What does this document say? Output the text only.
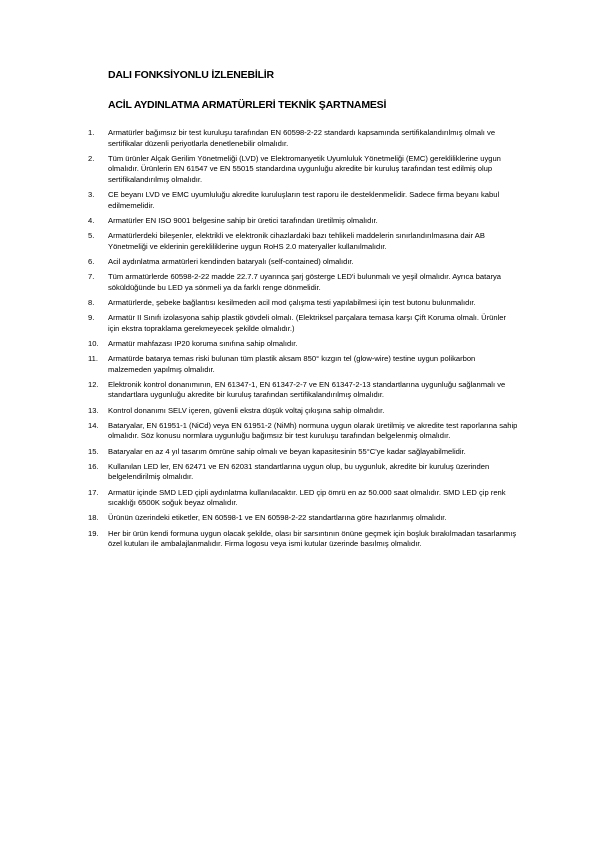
DALI FONKSİYONLU İZLENEBİLİR
ACİL AYDINLATMA ARMATÜRLERİ TEKNİK ŞARTNAMESİ
1.	Armatürler bağımsız bir test kuruluşu tarafından EN 60598-2-22 standardı kapsamında sertifikalandırılmış olmalı ve sertifikalar düzenli periyotlarla denetlenebilir olmalıdır.
2.	Tüm ürünler Alçak Gerilim Yönetmeliği (LVD) ve Elektromanyetik Uyumluluk Yönetmeliği (EMC) gerekliliklerine uygun olmalıdır. Ürünlerin EN 61547 ve EN 55015 standardına uygunluğu akredite bir kuruluş tarafından test edilmiş olup sertifikalandırılmış olmalıdır.
3.	CE beyanı LVD ve EMC uyumluluğu akredite kuruluşların test raporu ile desteklenmelidir. Sadece firma beyanı kabul edilmemelidir.
4.	Armatürler EN ISO 9001 belgesine sahip bir üretici tarafından üretilmiş olmalıdır.
5.	Armatürlerdeki bileşenler, elektrikli ve elektronik cihazlardaki bazı tehlikeli maddelerin sınırlandırılmasına dair AB Yönetmeliği ve eklerinin gerekliliklerine uygun RoHS 2.0 materyaller kullanılmalıdır.
6.	Acil aydınlatma armatürleri kendinden bataryalı (self-contained) olmalıdır.
7.	Tüm armatürlerde 60598-2-22 madde 22.7.7 uyarınca şarj gösterge LED'i bulunmalı ve yeşil olmalıdır. Ayrıca batarya söküldüğünde bu LED ya sönmeli ya da farklı renge dönmelidir.
8.	Armatürlerde, şebeke bağlantısı kesilmeden acil mod çalışma testi yapılabilmesi için test butonu bulunmalıdır.
9.	Armatür II Sınıfı izolasyona sahip plastik gövdeli olmalı. (Elektriksel parçalara temasa karşı Çift Koruma olmalı. Ürünler için ekstra topraklama gerekmeyecek şekilde olmalıdır.)
10.	Armatür mahfazası IP20 koruma sınıfına sahip olmalıdır.
11.	Armatürde batarya temas riski bulunan tüm plastik aksam 850° kızgın tel (glow-wire) testine uygun polikarbon malzemeden yapılmış olmalıdır.
12.	Elektronik kontrol donanımının, EN 61347-1, EN 61347-2-7 ve EN 61347-2-13 standartlarına uygunluğu sağlanmalı ve standartlara uygunluğu akredite bir kuruluş tarafından sertifikalandırılmış olmalıdır.
13.	Kontrol donanımı SELV içeren, güvenli ekstra düşük voltaj çıkışına sahip olmalıdır.
14.	Bataryalar, EN 61951-1 (NiCd) veya EN 61951-2 (NiMh) normuna uygun olarak üretilmiş ve akredite test raporlarına sahip olmalıdır. Söz konusu normlara uygunluğu bağımsız bir test kuruluşu tarafından belgelenmiş olmalıdır.
15.	Bataryalar en az 4 yıl tasarım ömrüne sahip olmalı ve beyan kapasitesinin 55°C'ye kadar sağlayabilmelidir.
16.	Kullanılan LED ler, EN 62471 ve EN 62031 standartlarına uygun olup, bu uygunluk, akredite bir kuruluş üzerinden belgelendirilmiş olmalıdır.
17.	Armatür içinde SMD LED çipli aydınlatma kullanılacaktır. LED çip ömrü en az 50.000 saat olmalıdır. SMD LED çip renk sıcaklığı 6500K soğuk beyaz olmalıdır.
18.	Ürünün üzerindeki etiketler, EN 60598-1 ve EN 60598-2-22 standartlarına göre hazırlanmış olmalıdır.
19.	Her bir ürün kendi formuna uygun olacak şekilde, olası bir sarsıntının önüne geçmek için boşluk bırakılmadan tasarlanmış özel kutuları ile ambalajlanmalıdır. Firma logosu veya ismi kutular üzerinde basılmış olmalıdır.
